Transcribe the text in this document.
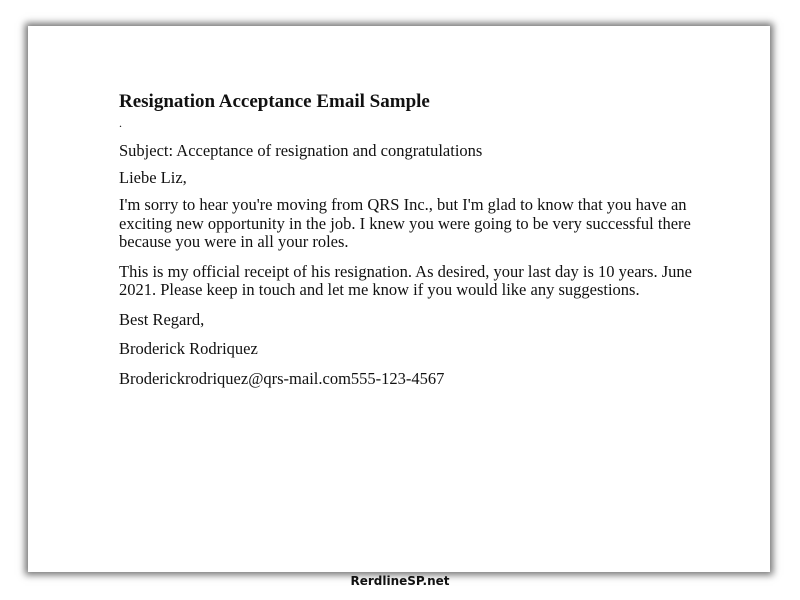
Resignation Acceptance Email Sample
.

Subject: Acceptance of resignation and congratulations

Liebe Liz,

I'm sorry to hear you're moving from QRS Inc., but I'm glad to know that you have an exciting new opportunity in the job. I knew you were going to be very successful there because you were in all your roles.

This is my official receipt of his resignation. As desired, your last day is 10 years. June 2021. Please keep in touch and let me know if you would like any suggestions.

Best Regard,

Broderick Rodriquez

Broderickrodriquez@qrs-mail.com555-123-4567

RerdlineSP.net
